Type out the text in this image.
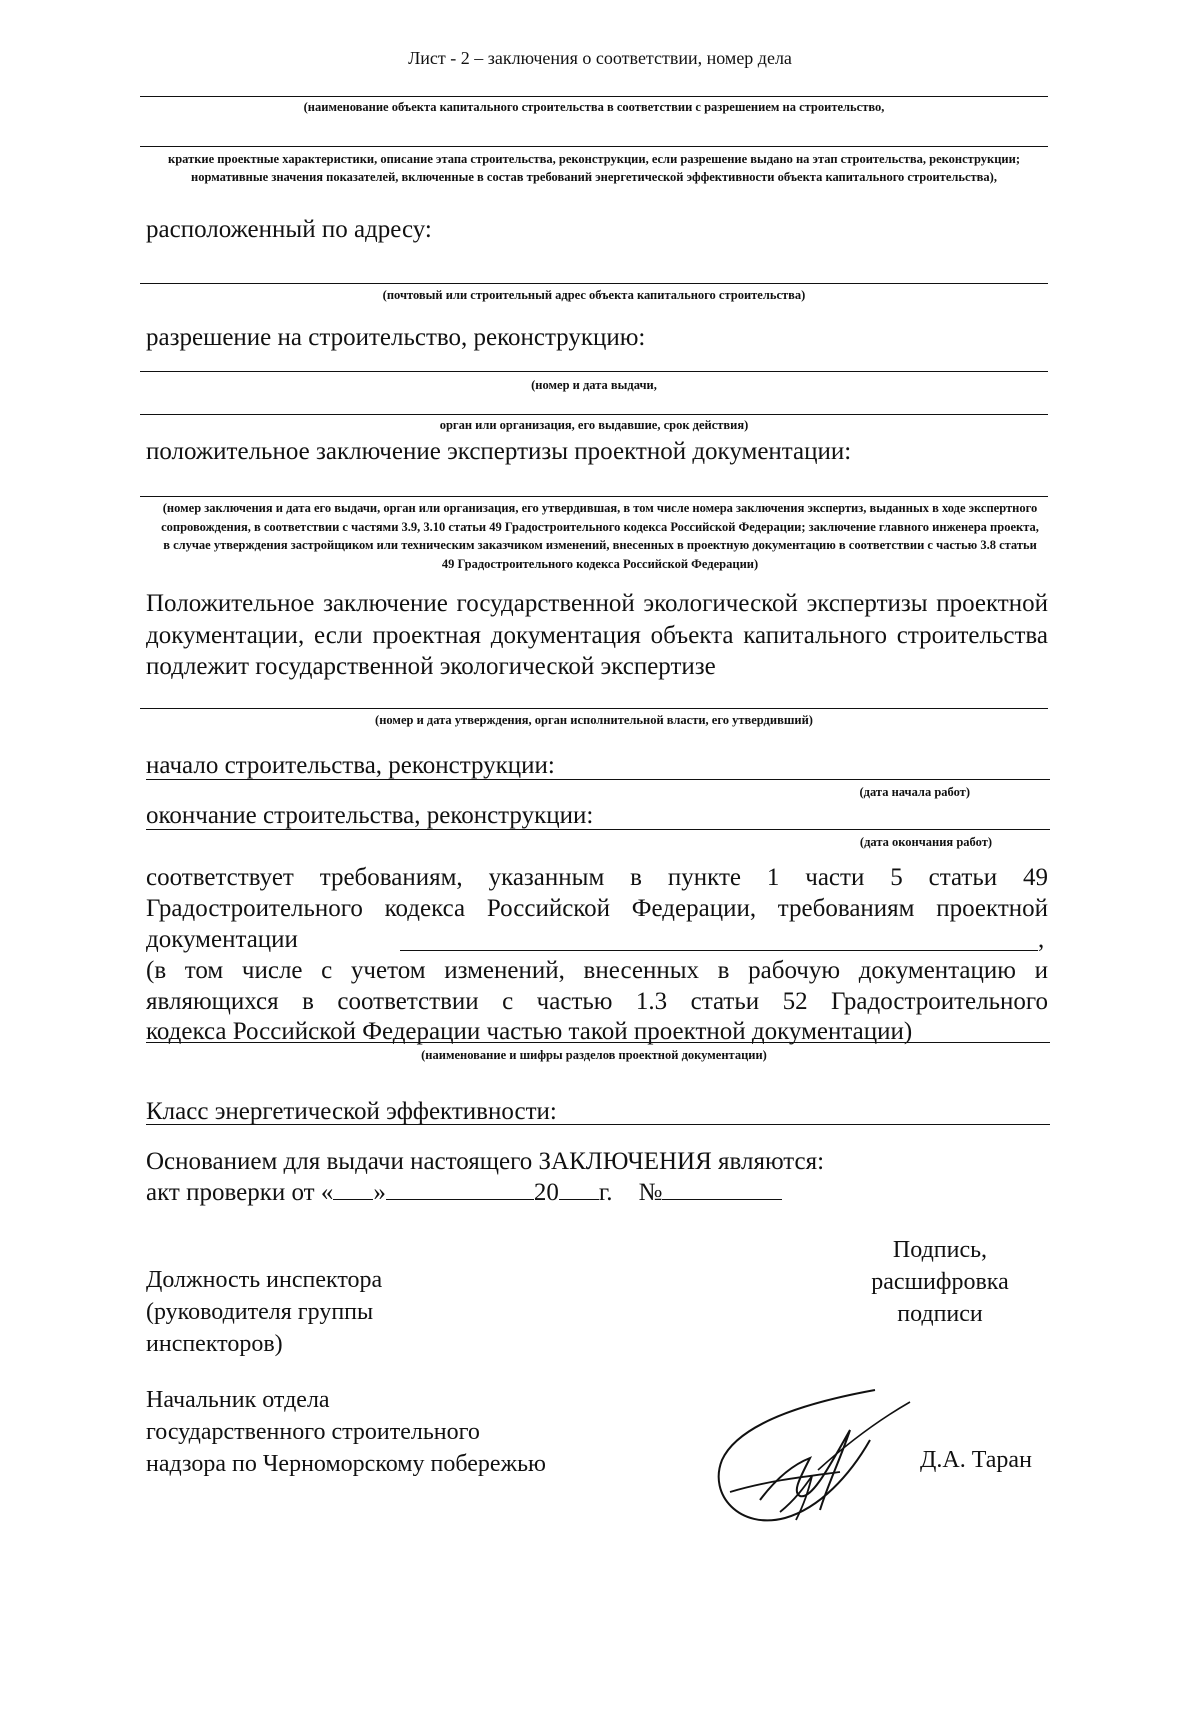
Лист - 2 – заключения о соответствии, номер дела
(наименование объекта капитального строительства в соответствии с разрешением на строительство,
краткие проектные характеристики, описание этапа строительства, реконструкции, если разрешение выдано на этап строительства, реконструкции; нормативные значения показателей, включенные в состав требований энергетической эффективности объекта капитального строительства),
расположенный по адресу:
(почтовый или строительный адрес объекта капитального строительства)
разрешение на строительство, реконструкцию:
(номер и дата выдачи,
орган или организация, его выдавшие, срок действия)
положительное заключение экспертизы проектной документации:
(номер заключения и дата его выдачи, орган или организация, его утвердившая, в том числе номера заключения экспертиз, выданных в ходе экспертного сопровождения, в соответствии с частями 3.9, 3.10 статьи 49 Градостроительного кодекса Российской Федерации; заключение главного инженера проекта, в случае утверждения застройщиком или техническим заказчиком изменений, внесенных в проектную документацию в соответствии с частью 3.8 статьи 49 Градостроительного кодекса Российской Федерации)
Положительное заключение государственной экологической экспертизы проектной документации, если проектная документация объекта капитального строительства подлежит государственной экологической экспертизе
(номер и дата утверждения, орган исполнительной власти, его утвердивший)
начало строительства, реконструкции:
(дата начала работ)
окончание строительства, реконструкции:
(дата окончания работ)
соответствует требованиям, указанным в пункте 1 части 5 статьи 49
Градостроительного кодекса Российской Федерации, требованиям проектной
документации	,
(в том числе с учетом изменений, внесенных в рабочую документацию и
являющихся в соответствии с частью 1.3 статьи 52 Градостроительного
кодекса Российской Федерации частью такой проектной документации)
(наименование и шифры разделов проектной документации)
Класс энергетической эффективности:
Основанием для выдачи настоящего ЗАКЛЮЧЕНИЯ являются:
акт проверки от « »	20 г. №
Должность инспектора
(руководителя группы
инспекторов)
Подпись,
расшифровка
подписи
Начальник отдела
государственного строительного
надзора по Черноморскому побережью	Д.А. Таран
